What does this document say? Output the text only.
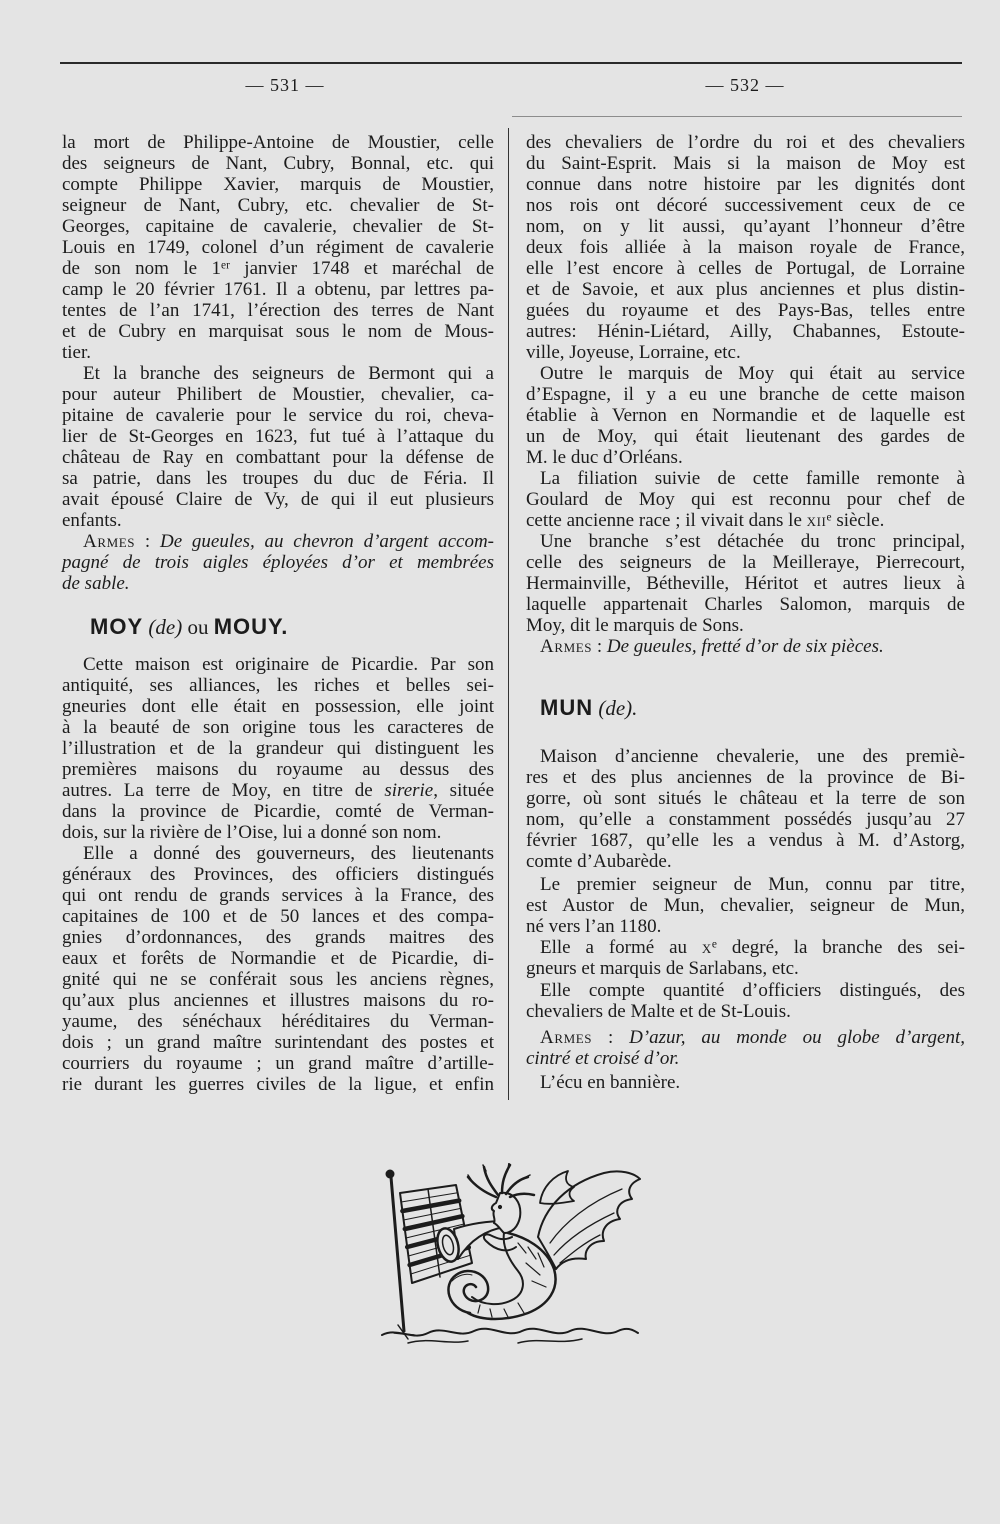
— 531 —	— 532 —
la mort de Philippe-Antoine de Moustier, celle
des seigneurs de Nant, Cubry, Bonnal, etc. qui
compte Philippe Xavier, marquis de Moustier,
seigneur de Nant, Cubry, etc. chevalier de St-
Georges, capitaine de cavalerie, chevalier de St-
Louis en 1749, colonel d’un régiment de cavalerie
de son nom le 1er janvier 1748 et maréchal de
camp le 20 février 1761. Il a obtenu, par lettres pa-
tentes de l’an 1741, l’érection des terres de Nant
et de Cubry en marquisat sous le nom de Mous-
tier.
Et la branche des seigneurs de Bermont qui a
pour auteur Philibert de Moustier, chevalier, ca-
pitaine de cavalerie pour le service du roi, cheva-
lier de St-Georges en 1623, fut tué à l’attaque du
château de Ray en combattant pour la défense de
sa patrie, dans les troupes du duc de Féria. Il
avait épousé Claire de Vy, de qui il eut plusieurs
enfants.
Armes : De gueules, au chevron d’argent accom-
pagné de trois aigles éployées d’or et membrées
de sable.
MOY (de) ou MOUY.
Cette maison est originaire de Picardie. Par son
antiquité, ses alliances, les riches et belles sei-
gneuries dont elle était en possession, elle joint
à la beauté de son origine tous les caracteres de
l’illustration et de la grandeur qui distinguent les
premières maisons du royaume au dessus des
autres. La terre de Moy, en titre de sirerie, située
dans la province de Picardie, comté de Verman-
dois, sur la rivière de l’Oise, lui a donné son nom.
Elle a donné des gouverneurs, des lieutenants
généraux des Provinces, des officiers distingués
qui ont rendu de grands services à la France, des
capitaines de 100 et de 50 lances et des compa-
gnies d’ordonnances, des grands maitres des
eaux et forêts de Normandie et de Picardie, di-
gnité qui ne se conférait sous les anciens règnes,
qu’aux plus anciennes et illustres maisons du ro-
yaume, des sénéchaux héréditaires du Verman-
dois ; un grand maître surintendant des postes et
courriers du royaume ; un grand maître d’artille-
rie durant les guerres civiles de la ligue, et enfin
des chevaliers de l’ordre du roi et des chevaliers
du Saint-Esprit. Mais si la maison de Moy est
connue dans notre histoire par les dignités dont
nos rois ont décoré successivement ceux de ce
nom, on y lit aussi, qu’ayant l’honneur d’être
deux fois alliée à la maison royale de France,
elle l’est encore à celles de Portugal, de Lorraine
et de Savoie, et aux plus anciennes et plus distin-
guées du royaume et des Pays-Bas, telles entre
autres: Hénin-Liétard, Ailly, Chabannes, Estoute-
ville, Joyeuse, Lorraine, etc.
Outre le marquis de Moy qui était au service
d’Espagne, il y a eu une branche de cette maison
établie à Vernon en Normandie et de laquelle est
un de Moy, qui était lieutenant des gardes de
M. le duc d’Orléans.
La filiation suivie de cette famille remonte à
Goulard de Moy qui est reconnu pour chef de
cette ancienne race ; il vivait dans le xii$^e$ siècle.
Une branche s’est détachée du tronc principal,
celle des seigneurs de la Meilleraye, Pierrecourt,
Hermainville, Bétheville, Héritot et autres lieux à
laquelle appartenait Charles Salomon, marquis de
Moy, dit le marquis de Sons.
Armes : De gueules, fretté d’or de six pièces.
MUN (de).
Maison d’ancienne chevalerie, une des premiè-
res et des plus anciennes de la province de Bi-
gorre, où sont situés le château et la terre de son
nom, qu’elle a constamment possédés jusqu’au 27
février 1687, qu’elle les a vendus à M. d’Astorg,
comte d’Aubarède.
Le premier seigneur de Mun, connu par titre,
est Austor de Mun, chevalier, seigneur de Mun,
né vers l’an 1180.
Elle a formé au $x^e$ degré, la branche des sei-
gneurs et marquis de Sarlabans, etc.
Elle compte quantité d’officiers distingués, des
chevaliers de Malte et de St-Louis.
Armes : D’azur, au monde ou globe d’argent,
cintré et croisé d’or.
L’écu en bannière.
